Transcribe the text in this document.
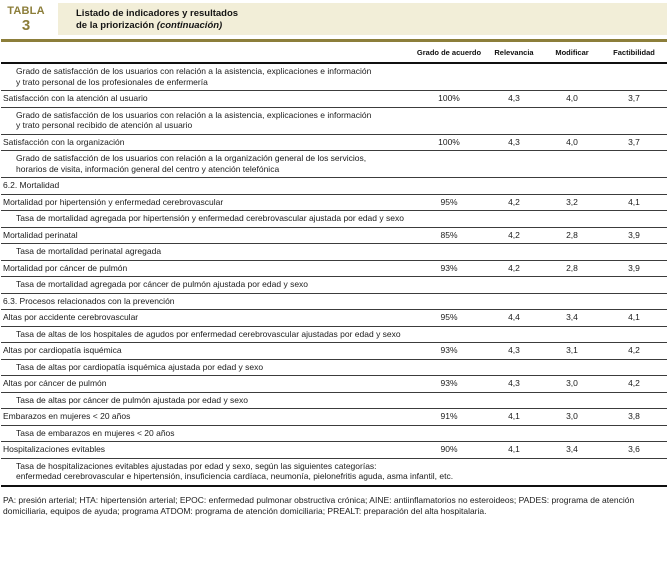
TABLA
3
Listado de indicadores y resultados
de la priorización (continuación)
Grado de acuerdo	Relevancia	Modificar	Factibilidad
Grado de satisfacción de los usuarios con relación a la asistencia, explicaciones e información
y trato personal de los profesionales de enfermería
Satisfacción con la atención al usuario	100%	4,3	4,0	3,7
Grado de satisfacción de los usuarios con relación a la asistencia, explicaciones e información
y trato personal recibido de atención al usuario
Satisfacción con la organización	100%	4,3	4,0	3,7
Grado de satisfacción de los usuarios con relación a la organización general de los servicios,
horarios de visita, información general del centro y atención telefónica
6.2. Mortalidad
Mortalidad por hipertensión y enfermedad cerebrovascular	95%	4,2	3,2	4,1
Tasa de mortalidad agregada por hipertensión y enfermedad cerebrovascular ajustada por edad y sexo
Mortalidad perinatal	85%	4,2	2,8	3,9
Tasa de mortalidad perinatal agregada
Mortalidad por cáncer de pulmón	93%	4,2	2,8	3,9
Tasa de mortalidad agregada por cáncer de pulmón ajustada por edad y sexo
6.3. Procesos relacionados con la prevención
Altas por accidente cerebrovascular	95%	4,4	3,4	4,1
Tasa de altas de los hospitales de agudos por enfermedad cerebrovascular ajustadas por edad y sexo
Altas por cardiopatía isquémica	93%	4,3	3,1	4,2
Tasa de altas por cardiopatía isquémica ajustada por edad y sexo
Altas por cáncer de pulmón	93%	4,3	3,0	4,2
Tasa de altas por cáncer de pulmón ajustada por edad y sexo
Embarazos en mujeres < 20 años	91%	4,1	3,0	3,8
Tasa de embarazos en mujeres < 20 años
Hospitalizaciones evitables	90%	4,1	3,4	3,6
Tasa de hospitalizaciones evitables ajustadas por edad y sexo, según las siguientes categorías:
enfermedad cerebrovascular e hipertensión, insuficiencia cardíaca, neumonía, pielonefritis aguda, asma infantil, etc.
PA: presión arterial; HTA: hipertensión arterial; EPOC: enfermedad pulmonar obstructiva crónica; AINE: antiinflamatorios no esteroideos; PADES: programa de atención domiciliaria, equipos de ayuda; programa ATDOM: programa de atención domiciliaria; PREALT: preparación del alta hospitalaria.
